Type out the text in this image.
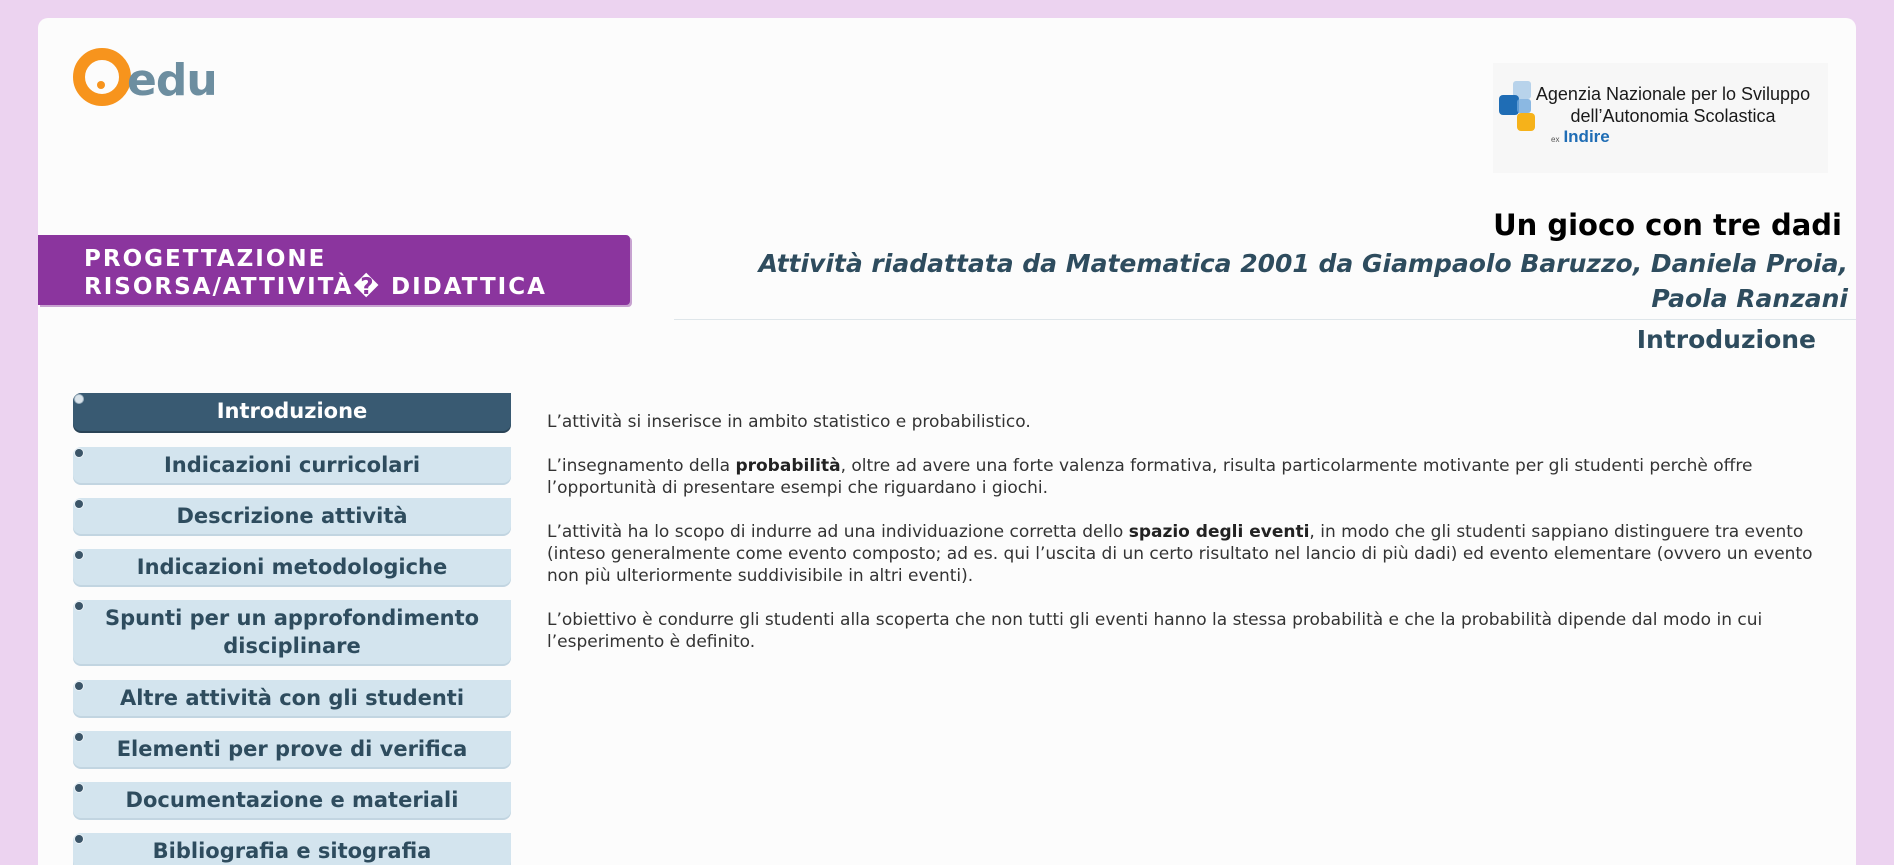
edu	Agenzia Nazionale per lo Sviluppo dell’Autonomia Scolastica
ex Indire
PROGETTAZIONE
RISORSA/ATTIVITÀ� DIDATTICA
Un gioco con tre dadi
Attività riadattata da Matematica 2001 da Giampaolo Baruzzo, Daniela Proia, Paola Ranzani
Introduzione
Introduzione
Indicazioni curricolari
Descrizione attività
Indicazioni metodologiche
Spunti per un approfondimento disciplinare
Altre attività con gli studenti
Elementi per prove di verifica
Documentazione e materiali
Bibliografia e sitografia

L’attività si inserisce in ambito statistico e probabilistico.

L’insegnamento della probabilità, oltre ad avere una forte valenza formativa, risulta particolarmente motivante per gli studenti perchè offre l’opportunità di presentare esempi che riguardano i giochi.

L’attività ha lo scopo di indurre ad una individuazione corretta dello spazio degli eventi, in modo che gli studenti sappiano distinguere tra evento (inteso generalmente come evento composto; ad es. qui l’uscita di un certo risultato nel lancio di più dadi) ed evento elementare (ovvero un evento non più ulteriormente suddivisibile in altri eventi).

L’obiettivo è condurre gli studenti alla scoperta che non tutti gli eventi hanno la stessa probabilità e che la probabilità dipende dal modo in cui l’esperimento è definito.
